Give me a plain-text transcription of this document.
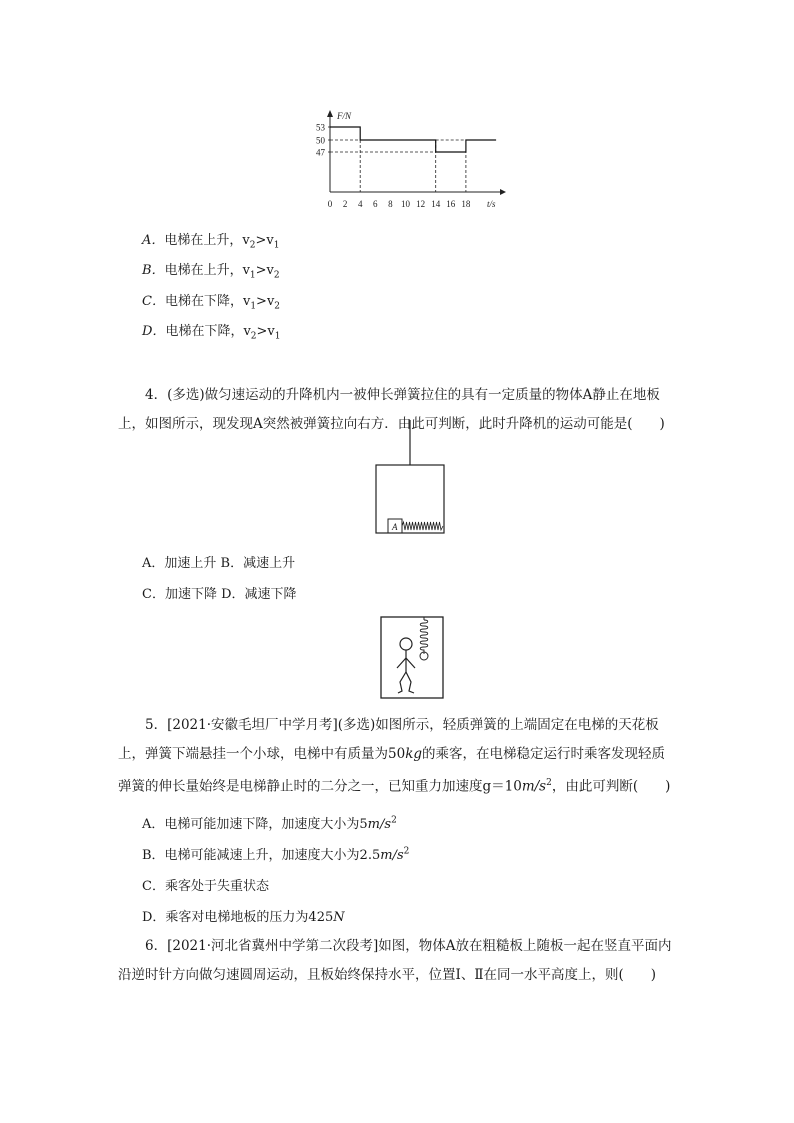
53
50
47
0 2 4 6 8 10 12 14 16 18
F/N
t/s
A．电梯在上升，$v_2>v_1$
B．电梯在上升，$v_1>v_2$
C．电梯在下降，$v_1>v_2$
D．电梯在下降，$v_2>v_1$
4．(多选)做匀速运动的升降机内一被伸长弹簧拉住的具有一定质量的物体A静止在地板上，如图所示，现发现A突然被弹簧拉向右方．由此可判断，此时升降机的运动可能是(　　)
A
A．加速上升 B．减速上升
C．加速下降 D．减速下降
5．[2021·安徽毛坦厂中学月考](多选)如图所示，轻质弹簧的上端固定在电梯的天花板上，弹簧下端悬挂一个小球，电梯中有质量为50kg的乘客，在电梯稳定运行时乘客发现轻质弹簧的伸长量始终是电梯静止时的二分之一，已知重力加速度$g=10m/s^2$，由此可判断(　　)
A．电梯可能加速下降，加速度大小为$5m/s^2$
B．电梯可能减速上升，加速度大小为$2.5m/s^2$
C．乘客处于失重状态
D．乘客对电梯地板的压力为425N
6．[2021·河北省冀州中学第二次段考]如图，物体A放在粗糙板上随板一起在竖直平面内沿逆时针方向做匀速圆周运动，且板始终保持水平，位置Ⅰ、Ⅱ在同一水平高度上，则(　　)
